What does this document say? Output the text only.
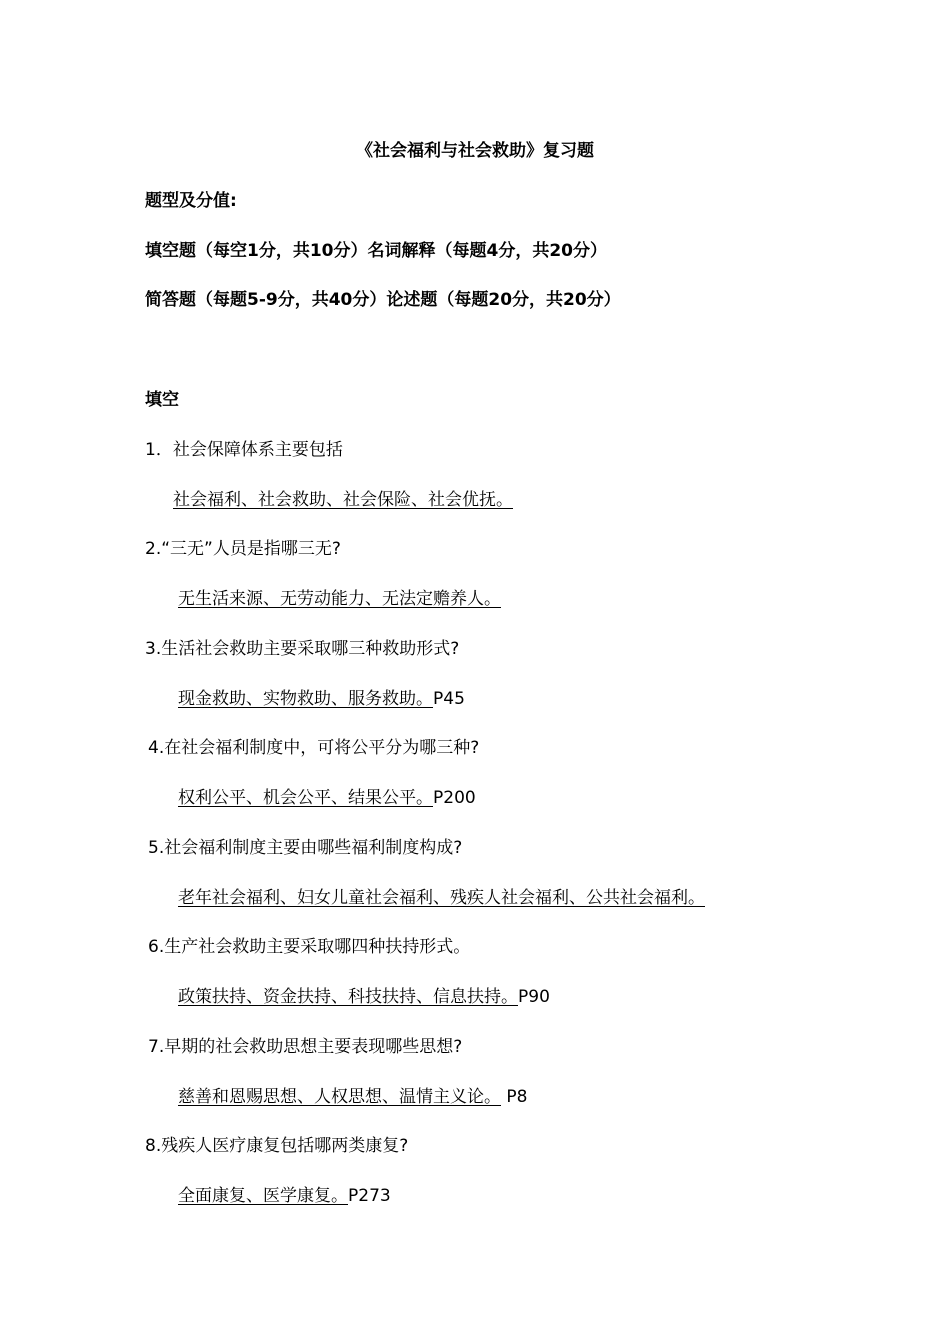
《社会福利与社会救助》复习题
题型及分值:
填空题（每空1分，共10分）名词解释（每题4分，共20分）
简答题（每题5-9分，共40分）论述题（每题20分，共20分）
填空
1．社会保障体系主要包括
社会福利、社会救助、社会保险、社会优抚。
2.“三无”人员是指哪三无?
无生活来源、无劳动能力、无法定赡养人。
3.生活社会救助主要采取哪三种救助形式?
现金救助、实物救助、服务救助。P45
4.在社会福利制度中，可将公平分为哪三种?
权利公平、机会公平、结果公平。P200
5.社会福利制度主要由哪些福利制度构成?
老年社会福利、妇女儿童社会福利、残疾人社会福利、公共社会福利。
6.生产社会救助主要采取哪四种扶持形式。
政策扶持、资金扶持、科技扶持、信息扶持。P90
7.早期的社会救助思想主要表现哪些思想?
慈善和恩赐思想、人权思想、温情主义论。 P8
8.残疾人医疗康复包括哪两类康复?
全面康复、医学康复。P273
